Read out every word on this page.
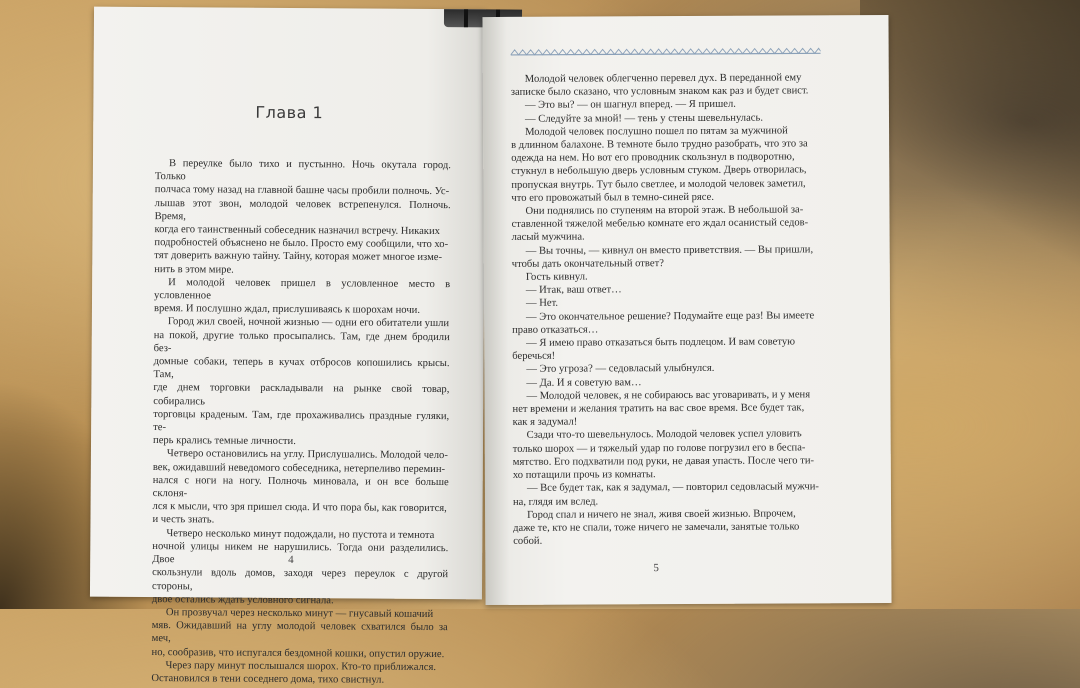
Глава 1

В переулке было тихо и пустынно. Ночь окутала город. Только

полчаса тому назад на главной башне часы пробили полночь. Ус-

лышав этот звон, молодой человек встрепенулся. Полночь. Время,

когда его таинственный собеседник назначил встречу. Никаких

подробностей объяснено не было. Просто ему сообщили, что хо-

тят доверить важную тайну. Тайну, которая может многое изме-

нить в этом мире.

И молодой человек пришел в условленное место в условленное

время. И послушно ждал, прислушиваясь к шорохам ночи.

Город жил своей, ночной жизнью — одни его обитатели ушли

на покой, другие только просыпались. Там, где днем бродили без-

домные собаки, теперь в кучах отбросов копошились крысы. Там,

где днем торговки раскладывали на рынке свой товар, собирались

торговцы краденым. Там, где прохаживались праздные гуляки, те-

перь крались темные личности.

Четверо остановились на углу. Прислушались. Молодой чело-

век, ожидавший неведомого собеседника, нетерпеливо перемин-

нался с ноги на ногу. Полночь миновала, и он все больше склоня-

лся к мысли, что зря пришел сюда. И что пора бы, как говорится,

и честь знать.

Четверо несколько минут подождали, но пустота и темнота

ночной улицы никем не нарушились. Тогда они разделились. Двое

скользнули вдоль домов, заходя через переулок с другой стороны,

двое остались ждать условного сигнала.

Он прозвучал через несколько минут — гнусавый кошачий

мяв. Ожидавший на углу молодой человек схватился было за меч,

но, сообразив, что испугался бездомной кошки, опустил оружие.

Через пару минут послышался шорох. Кто-то приближался.

Остановился в тени соседнего дома, тихо свистнул.

4

Молодой человек облегченно перевел дух. В переданной ему

записке было сказано, что условным знаком как раз и будет свист.

— Это вы? — он шагнул вперед. — Я пришел.

— Следуйте за мной! — тень у стены шевельнулась.

Молодой человек послушно пошел по пятам за мужчиной

в длинном балахоне. В темноте было трудно разобрать, что это за

одежда на нем. Но вот его проводник скользнул в подворотню,

стукнул в небольшую дверь условным стуком. Дверь отворилась,

пропуская внутрь. Тут было светлее, и молодой человек заметил,

что его провожатый был в темно-синей рясе.

Они поднялись по ступеням на второй этаж. В небольшой за-

ставленной тяжелой мебелью комнате его ждал осанистый седов-

ласый мужчина.

— Вы точны, — кивнул он вместо приветствия. — Вы пришли,

чтобы дать окончательный ответ?

Гость кивнул.

— Итак, ваш ответ…

— Нет.

— Это окончательное решение? Подумайте еще раз! Вы имеете

право отказаться…

— Я имею право отказаться быть подлецом. И вам советую

беречься!

— Это угроза? — седовласый улыбнулся.

— Да. И я советую вам…

— Молодой человек, я не собираюсь вас уговаривать, и у меня

нет времени и желания тратить на вас свое время. Все будет так,

как я задумал!

Сзади что-то шевельнулось. Молодой человек успел уловить

только шорох — и тяжелый удар по голове погрузил его в беспа-

мятство. Его подхватили под руки, не давая упасть. После чего ти-

хо потащили прочь из комнаты.

— Все будет так, как я задумал, — повторил седовласый мужчи-

на, глядя им вслед.

Город спал и ничего не знал, живя своей жизнью. Впрочем,

даже те, кто не спали, тоже ничего не замечали, занятые только

собой.

5
